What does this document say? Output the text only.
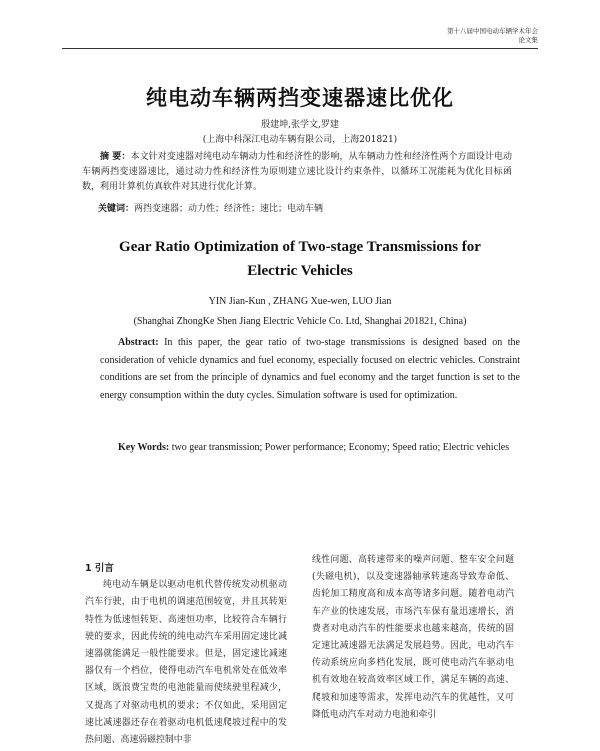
第十八届中国电动车辆学术年会
论文集
纯电动车辆两挡变速器速比优化
殷建坤,张学文,罗建
(上海中科深江电动车辆有限公司，上海201821)
摘 要：本文针对变速器对纯电动车辆动力性和经济性的影响，从车辆动力性和经济性两个方面设计电动车辆两挡变速器速比，通过动力性和经济性为原则建立速比设计约束条件，以循环工况能耗为优化目标函数，利用计算机仿真软件对其进行优化计算。
关键词：两挡变速器；动力性；经济性；速比；电动车辆
Gear Ratio Optimization of Two-stage Transmissions for
Electric Vehicles
YIN Jian-Kun , ZHANG Xue-wen, LUO Jian
(Shanghai ZhongKe Shen Jiang Electric Vehicle Co. Ltd, Shanghai 201821, China)
Abstract: In this paper, the gear ratio of two-stage transmissions is designed based on the consideration of vehicle dynamics and fuel economy, especially focused on electric vehicles. Constraint conditions are set from the principle of dynamics and fuel economy and the target function is set to the energy consumption within the duty cycles. Simulation software is used for optimization.
Key Words: two gear transmission; Power performance; Economy; Speed ratio; Electric vehicles

1 引言

纯电动车辆是以驱动电机代替传统发动机驱动汽车行驶，由于电机的调速范围较宽，并且其转矩特性为低速恒转矩、高速恒功率，比较符合车辆行驶的要求，因此传统的纯电动汽车采用固定速比减速器就能满足一般性能要求。但是，固定速比减速器仅有一个档位，使得电动汽车电机常处在低效率区域，既浪费宝贵的电池能量而使续驶里程减少，又提高了对驱动电机的要求；不仅如此，采用固定速比减速器还存在着驱动电机低速爬坡过程中的发热问题、高速弱磁控制中非

线性问题、高转速带来的噪声问题、整车安全问题(失磁电机)，以及变速器轴承转速高导致寿命低、齿轮加工精度高和成本高等诸多问题。随着电动汽车产业的快速发展，市场汽车保有量迅速增长，消费者对电动汽车的性能要求也越来越高，传统的固定速比减速器无法满足发展趋势。因此，电动汽车传动系统应向多档化发展，既可使电动汽车驱动电机有效地在较高效率区域工作，满足车辆的高速、爬坡和加速等需求，发挥电动汽车的优越性，又可降低电动汽车对动力电池和牵引
